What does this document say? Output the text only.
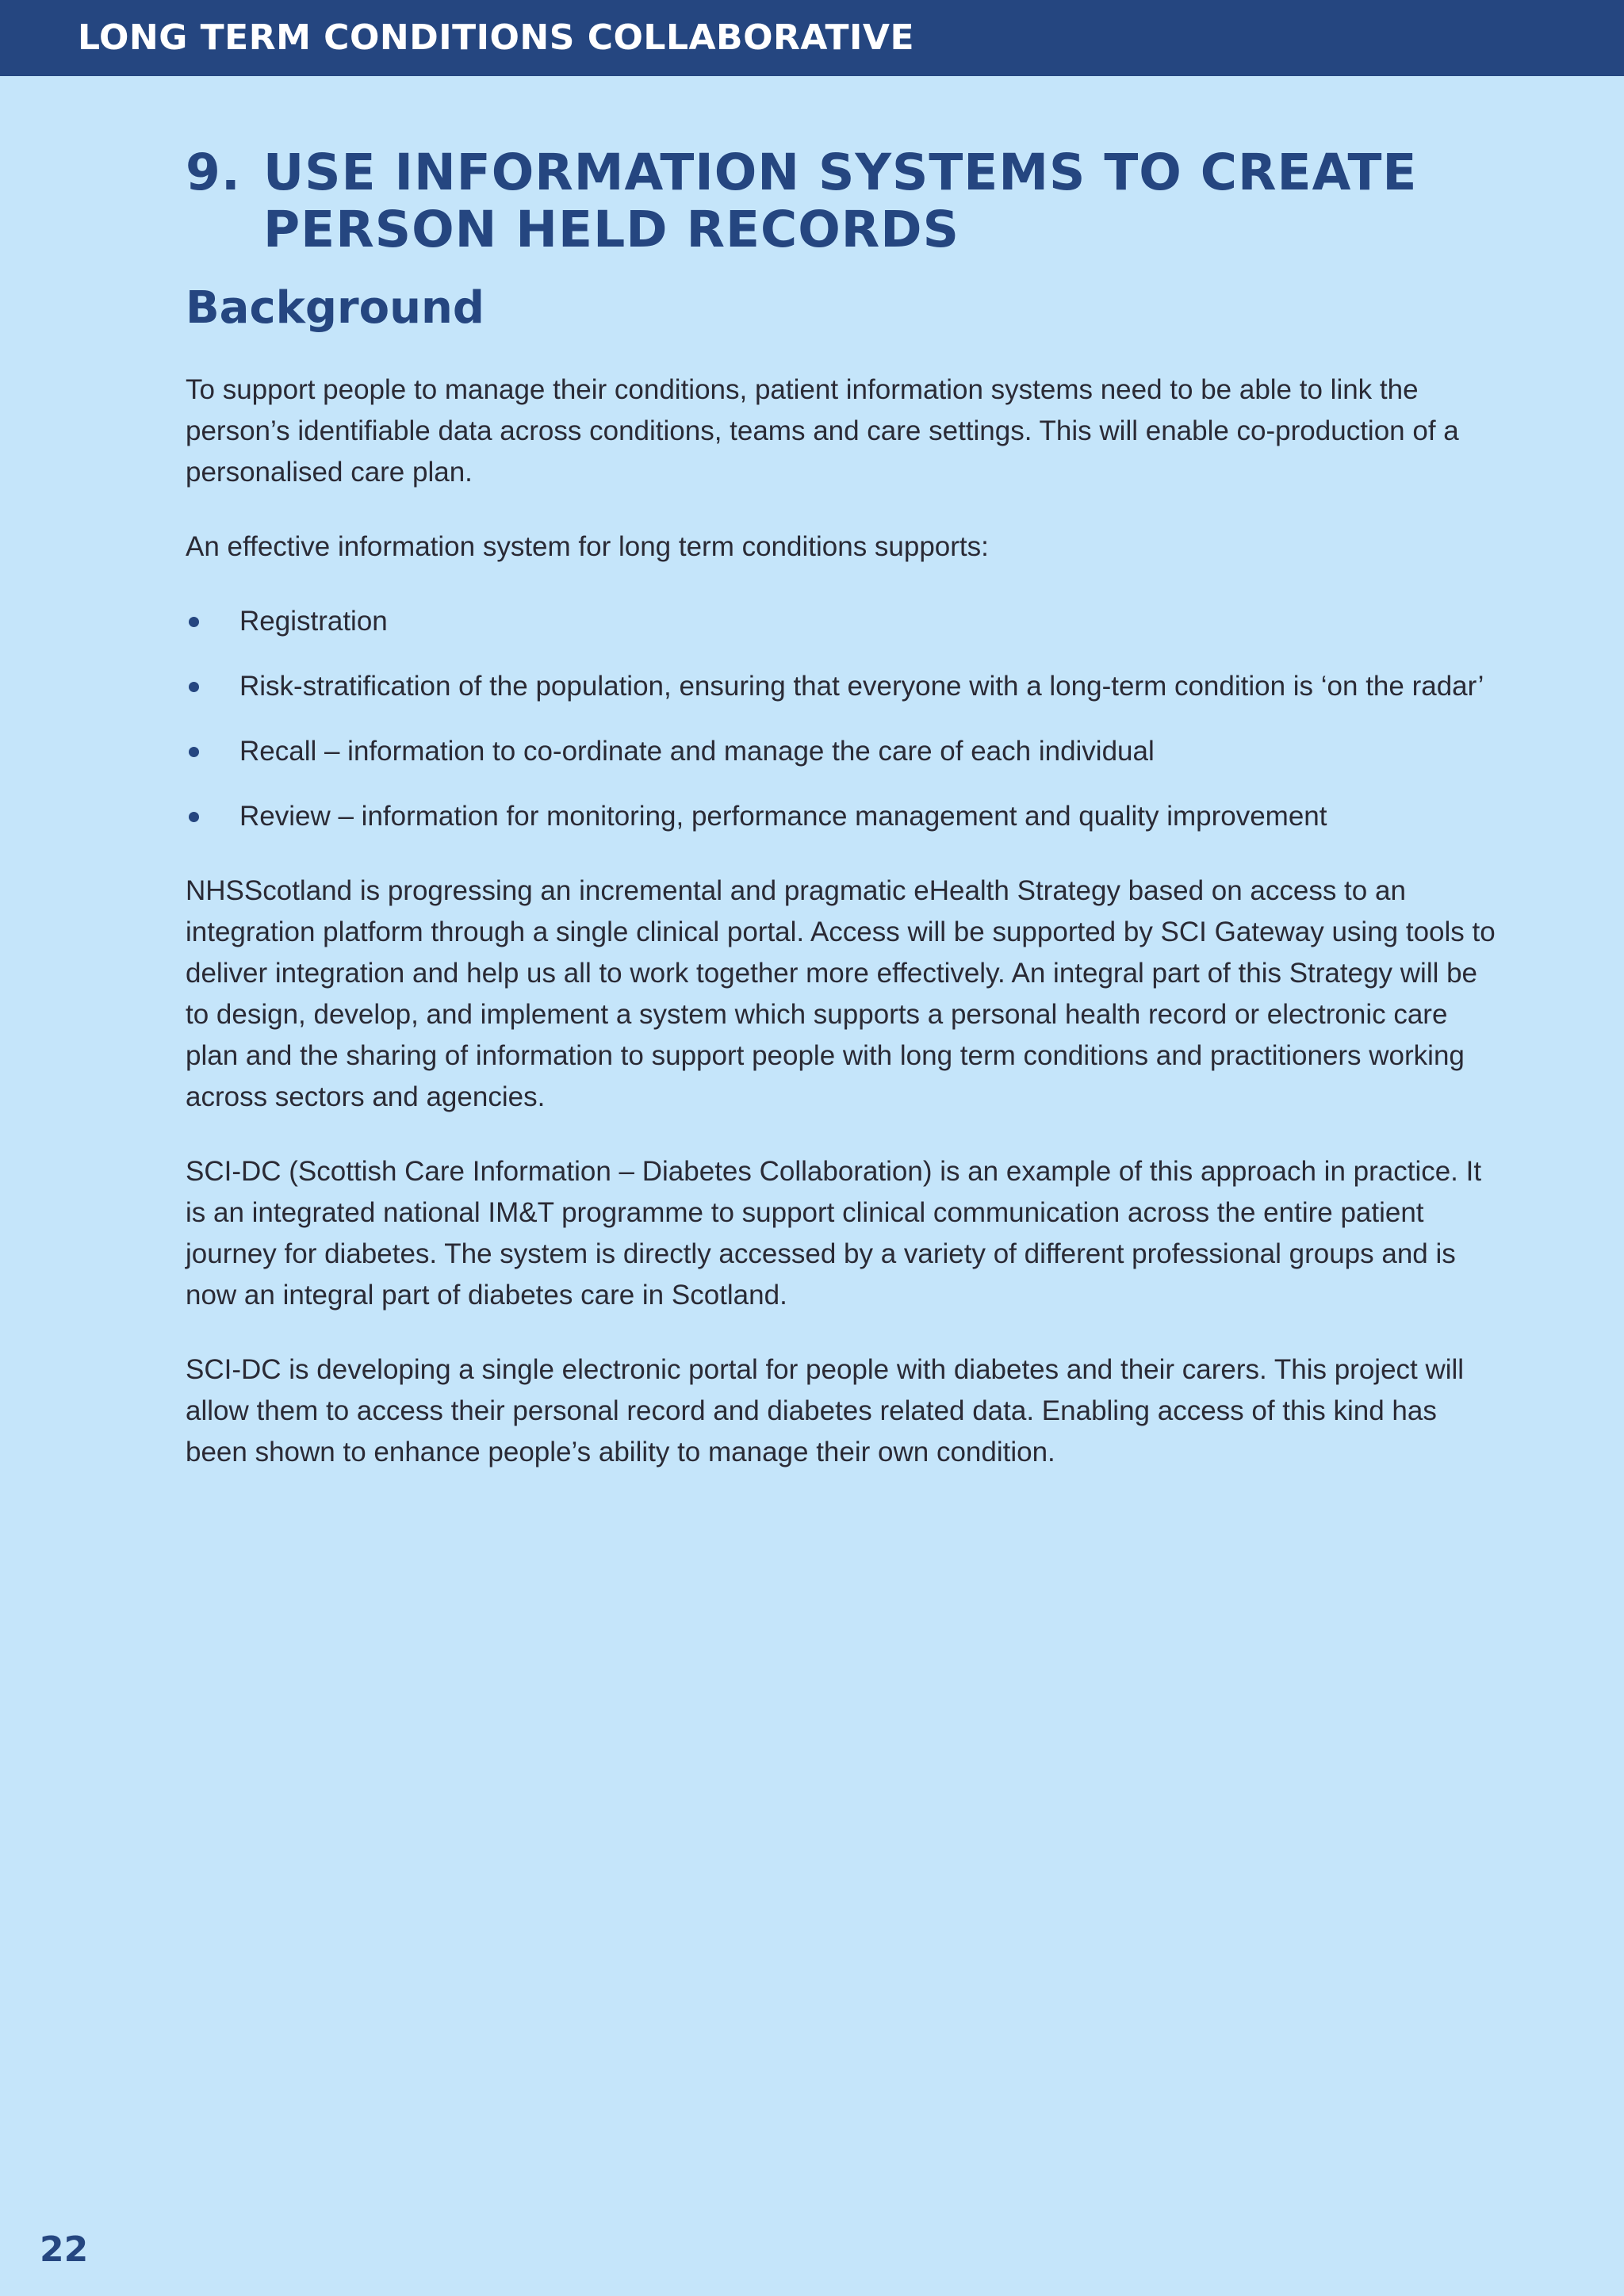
LONG TERM CONDITIONS COLLABORATIVE
9. USE INFORMATION SYSTEMS TO CREATE
PERSON HELD RECORDS
Background

To support people to manage their conditions, patient information systems need to be able to link the person’s identifiable data across conditions, teams and care settings. This will enable co-production of a personalised care plan.

An effective information system for long term conditions supports:

Registration
Risk-stratification of the population, ensuring that everyone with a long-term condition is ‘on the radar’
Recall – information to co-ordinate and manage the care of each individual
Review – information for monitoring, performance management and quality improvement

NHSScotland is progressing an incremental and pragmatic eHealth Strategy based on access to an integration platform through a single clinical portal. Access will be supported by SCI Gateway using tools to deliver integration and help us all to work together more effectively. An integral part of this Strategy will be to design, develop, and implement a system which supports a personal health record or electronic care plan and the sharing of information to support people with long term conditions and practitioners working across sectors and agencies.

SCI-DC (Scottish Care Information – Diabetes Collaboration) is an example of this approach in practice. It is an integrated national IM&T programme to support clinical communication across the entire patient journey for diabetes. The system is directly accessed by a variety of different professional groups and is now an integral part of diabetes care in Scotland.

SCI-DC is developing a single electronic portal for people with diabetes and their carers. This project will allow them to access their personal record and diabetes related data. Enabling access of this kind has been shown to enhance people’s ability to manage their own condition.

22
